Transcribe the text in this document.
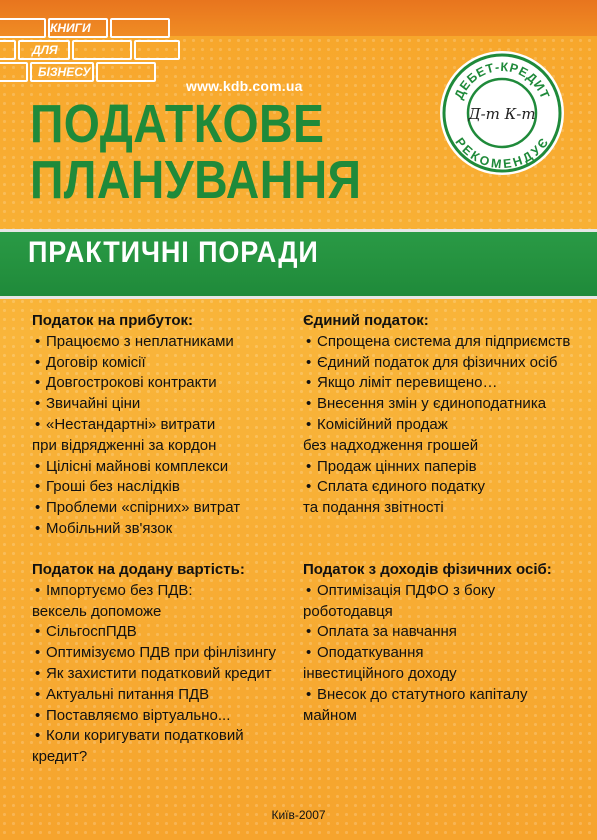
КНИГИ
ДЛЯ
БІЗНЕСУ
www.kdb.com.ua
ПОДАТКОВЕ
ПЛАНУВАННЯ
ДЕБЕТ-КРЕДИТ
РЕКОМЕНДУЄ
Д-т К-т
ПРАКТИЧНІ ПОРАДИ
Податок на прибуток:
• Працюємо з неплатниками
• Договір комісії
• Довгострокові контракти
• Звичайні ціни
• «Нестандартні» витрати
при відрядженні за кордон
• Цілісні майнові комплекси
• Гроші без наслідків
• Проблеми «спірних» витрат
• Мобільний зв'язок
Єдиний податок:
• Спрощена система для підприємств
• Єдиний податок для фізичних осіб
• Якщо ліміт перевищено…
• Внесення змін у єдиноподатника
• Комісійний продаж
без надходження грошей
• Продаж цінних паперів
• Сплата єдиного податку
та подання звітності
Податок на додану вартість:
• Імпортуємо без ПДВ:
вексель допоможе
• СільгоспПДВ
• Оптимізуємо ПДВ при фінлізингу
• Як захистити податковий кредит
• Актуальні питання ПДВ
• Поставляємо віртуально...
• Коли коригувати податковий
кредит?
Податок з доходів фізичних осіб:
• Оптимізація ПДФО з боку
роботодавця
• Оплата за навчання
• Оподаткування
інвестиційного доходу
• Внесок до статутного капіталу
майном
Київ-2007
